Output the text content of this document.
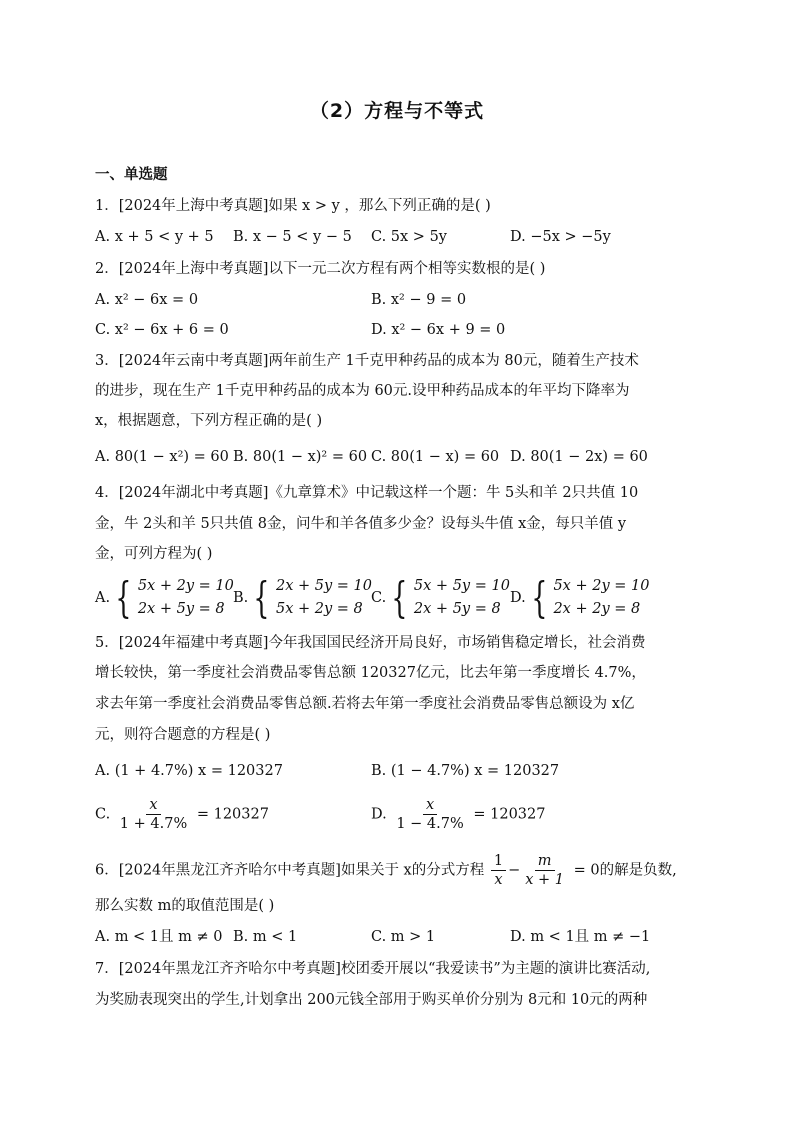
（2）方程与不等式
一、单选题
1．[2024年上海中考真题]如果 x > y ，那么下列正确的是( )
A. x + 5 < y + 5 B. x − 5 < y − 5 C. 5x > 5y	D. −5x > −5y
2．[2024年上海中考真题]以下一元二次方程有两个相等实数根的是( )
A. x² − 6x = 0	B. x² − 9 = 0
C. x² − 6x + 6 = 0	D. x² − 6x + 9 = 0
3．[2024年云南中考真题]两年前生产 1千克甲种药品的成本为 80元，随着生产技术
的进步，现在生产 1千克甲种药品的成本为 60元.设甲种药品成本的年平均下降率为
x，根据题意，下列方程正确的是( )
A. 80(1 − x²) = 60 B. 80(1 − x)² = 60 C. 80(1 − x) = 60 D. 80(1 − 2x) = 60
4．[2024年湖北中考真题]《九章算术》中记载这样一个题：牛 5头和羊 2只共值 10
金，牛 2头和羊 5只共值 8金，问牛和羊各值多少金？设每头牛值 x金，每只羊值 y
金，可列方程为( )
A. { 5x + 2y = 10
2x + 5y = 8
B. { 2x + 5y = 10
5x + 2y = 8
C. { 5x + 5y = 10
2x + 5y = 8
D. { 5x + 2y = 10
2x + 2y = 8
5．[2024年福建中考真题]今年我国国民经济开局良好，市场销售稳定增长，社会消费
增长较快，第一季度社会消费品零售总额 120327亿元，比去年第一季度增长 4.7%，
求去年第一季度社会消费品零售总额.若将去年第一季度社会消费品零售总额设为 x亿
元，则符合题意的方程是( )
A. (1 + 4.7%) x = 120327	B. (1 − 4.7%) x = 120327
C. $\frac{x}{1 + 4.7\%} = 120327$	D. $\frac{x}{1 - 4.7\%} = 120327$
6．[2024年黑龙江齐齐哈尔中考真题]如果关于 x的分式方程 $\frac{1}{x} - \frac{m}{x + 1} = 0$的解是负数,
那么实数 m的取值范围是( )
A. m < 1且 m ≠ 0 B. m < 1	C. m > 1	D. m < 1且 m ≠ −1
7．[2024年黑龙江齐齐哈尔中考真题]校团委开展以“我爱读书”为主题的演讲比赛活动,
为奖励表现突出的学生,计划拿出 200元钱全部用于购买单价分别为 8元和 10元的两种
